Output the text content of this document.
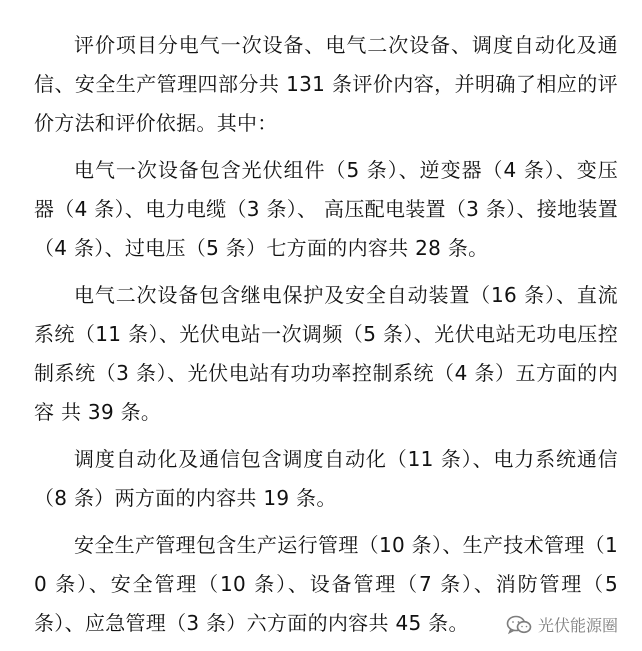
评价项目分电气一次设备、电气二次设备、调度自动化及通信、安全生产管理四部分共 131 条评价内容，并明确了相应的评价方法和评价依据。其中：

电气一次设备包含光伏组件（5 条）、逆变器（4 条）、变压器（4 条）、电力电缆（3 条）、 高压配电装置（3 条）、接地装置（4 条）、过电压（5 条）七方面的内容共 28 条。

电气二次设备包含继电保护及安全自动装置（16 条）、直流系统（11 条）、光伏电站一次调频（5 条）、光伏电站无功电压控制系统（3 条）、光伏电站有功功率控制系统（4 条）五方面的内容 共 39 条。

调度自动化及通信包含调度自动化（11 条）、电力系统通信（8 条）两方面的内容共 19 条。

安全生产管理包含生产运行管理（10 条）、生产技术管理（10 条）、安全管理（10 条）、设备管理（7 条）、消防管理（5 条）、应急管理（3 条）六方面的内容共 45 条。	光伏能源圈
